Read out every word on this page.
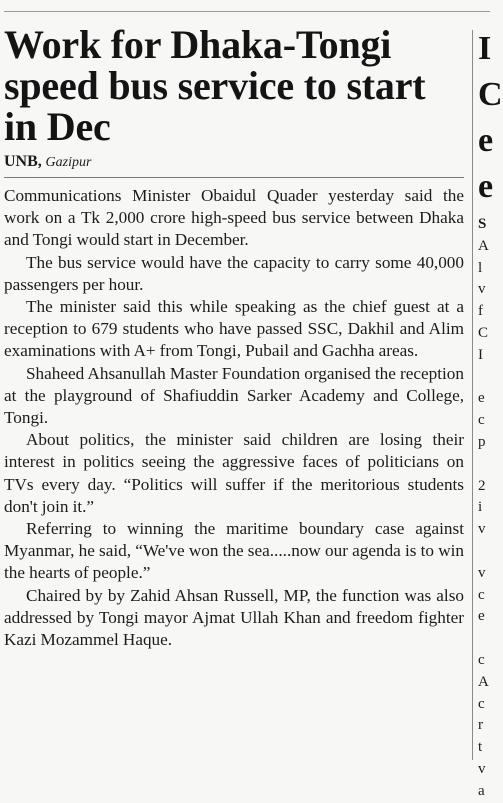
Work for Dhaka-Tongi speed bus service to start in Dec
UNB, Gazipur

Communications Minister Obaidul Quader yesterday said the work on a Tk 2,000 crore high-speed bus service between Dhaka and Tongi would start in December.

The bus service would have the capacity to carry some 40,000 passengers per hour.

The minister said this while speaking as the chief guest at a reception to 679 students who have passed SSC, Dakhil and Alim examinations with A+ from Tongi, Pubail and Gachha areas.

Shaheed Ahsanullah Master Foundation organised the reception at the playground of Shafiuddin Sarker Academy and College, Tongi.

About politics, the minister said children are losing their interest in politics seeing the aggressive faces of politicians on TVs every day. “Politics will suffer if the meritorious students don't join it.”

Referring to winning the maritime boundary case against Myanmar, he said, “We've won the sea.....now our agenda is to win the hearts of people.”

Chaired by by Zahid Ahsan Russell, MP, the function was also addressed by Tongi mayor Ajmat Ullah Khan and freedom fighter Kazi Mozammel Haque.

I
C
e
e
S
A
l
v
f
C
I
e
c
p
2
i
v
v
c
e
c
A
c
r
t
v
a
